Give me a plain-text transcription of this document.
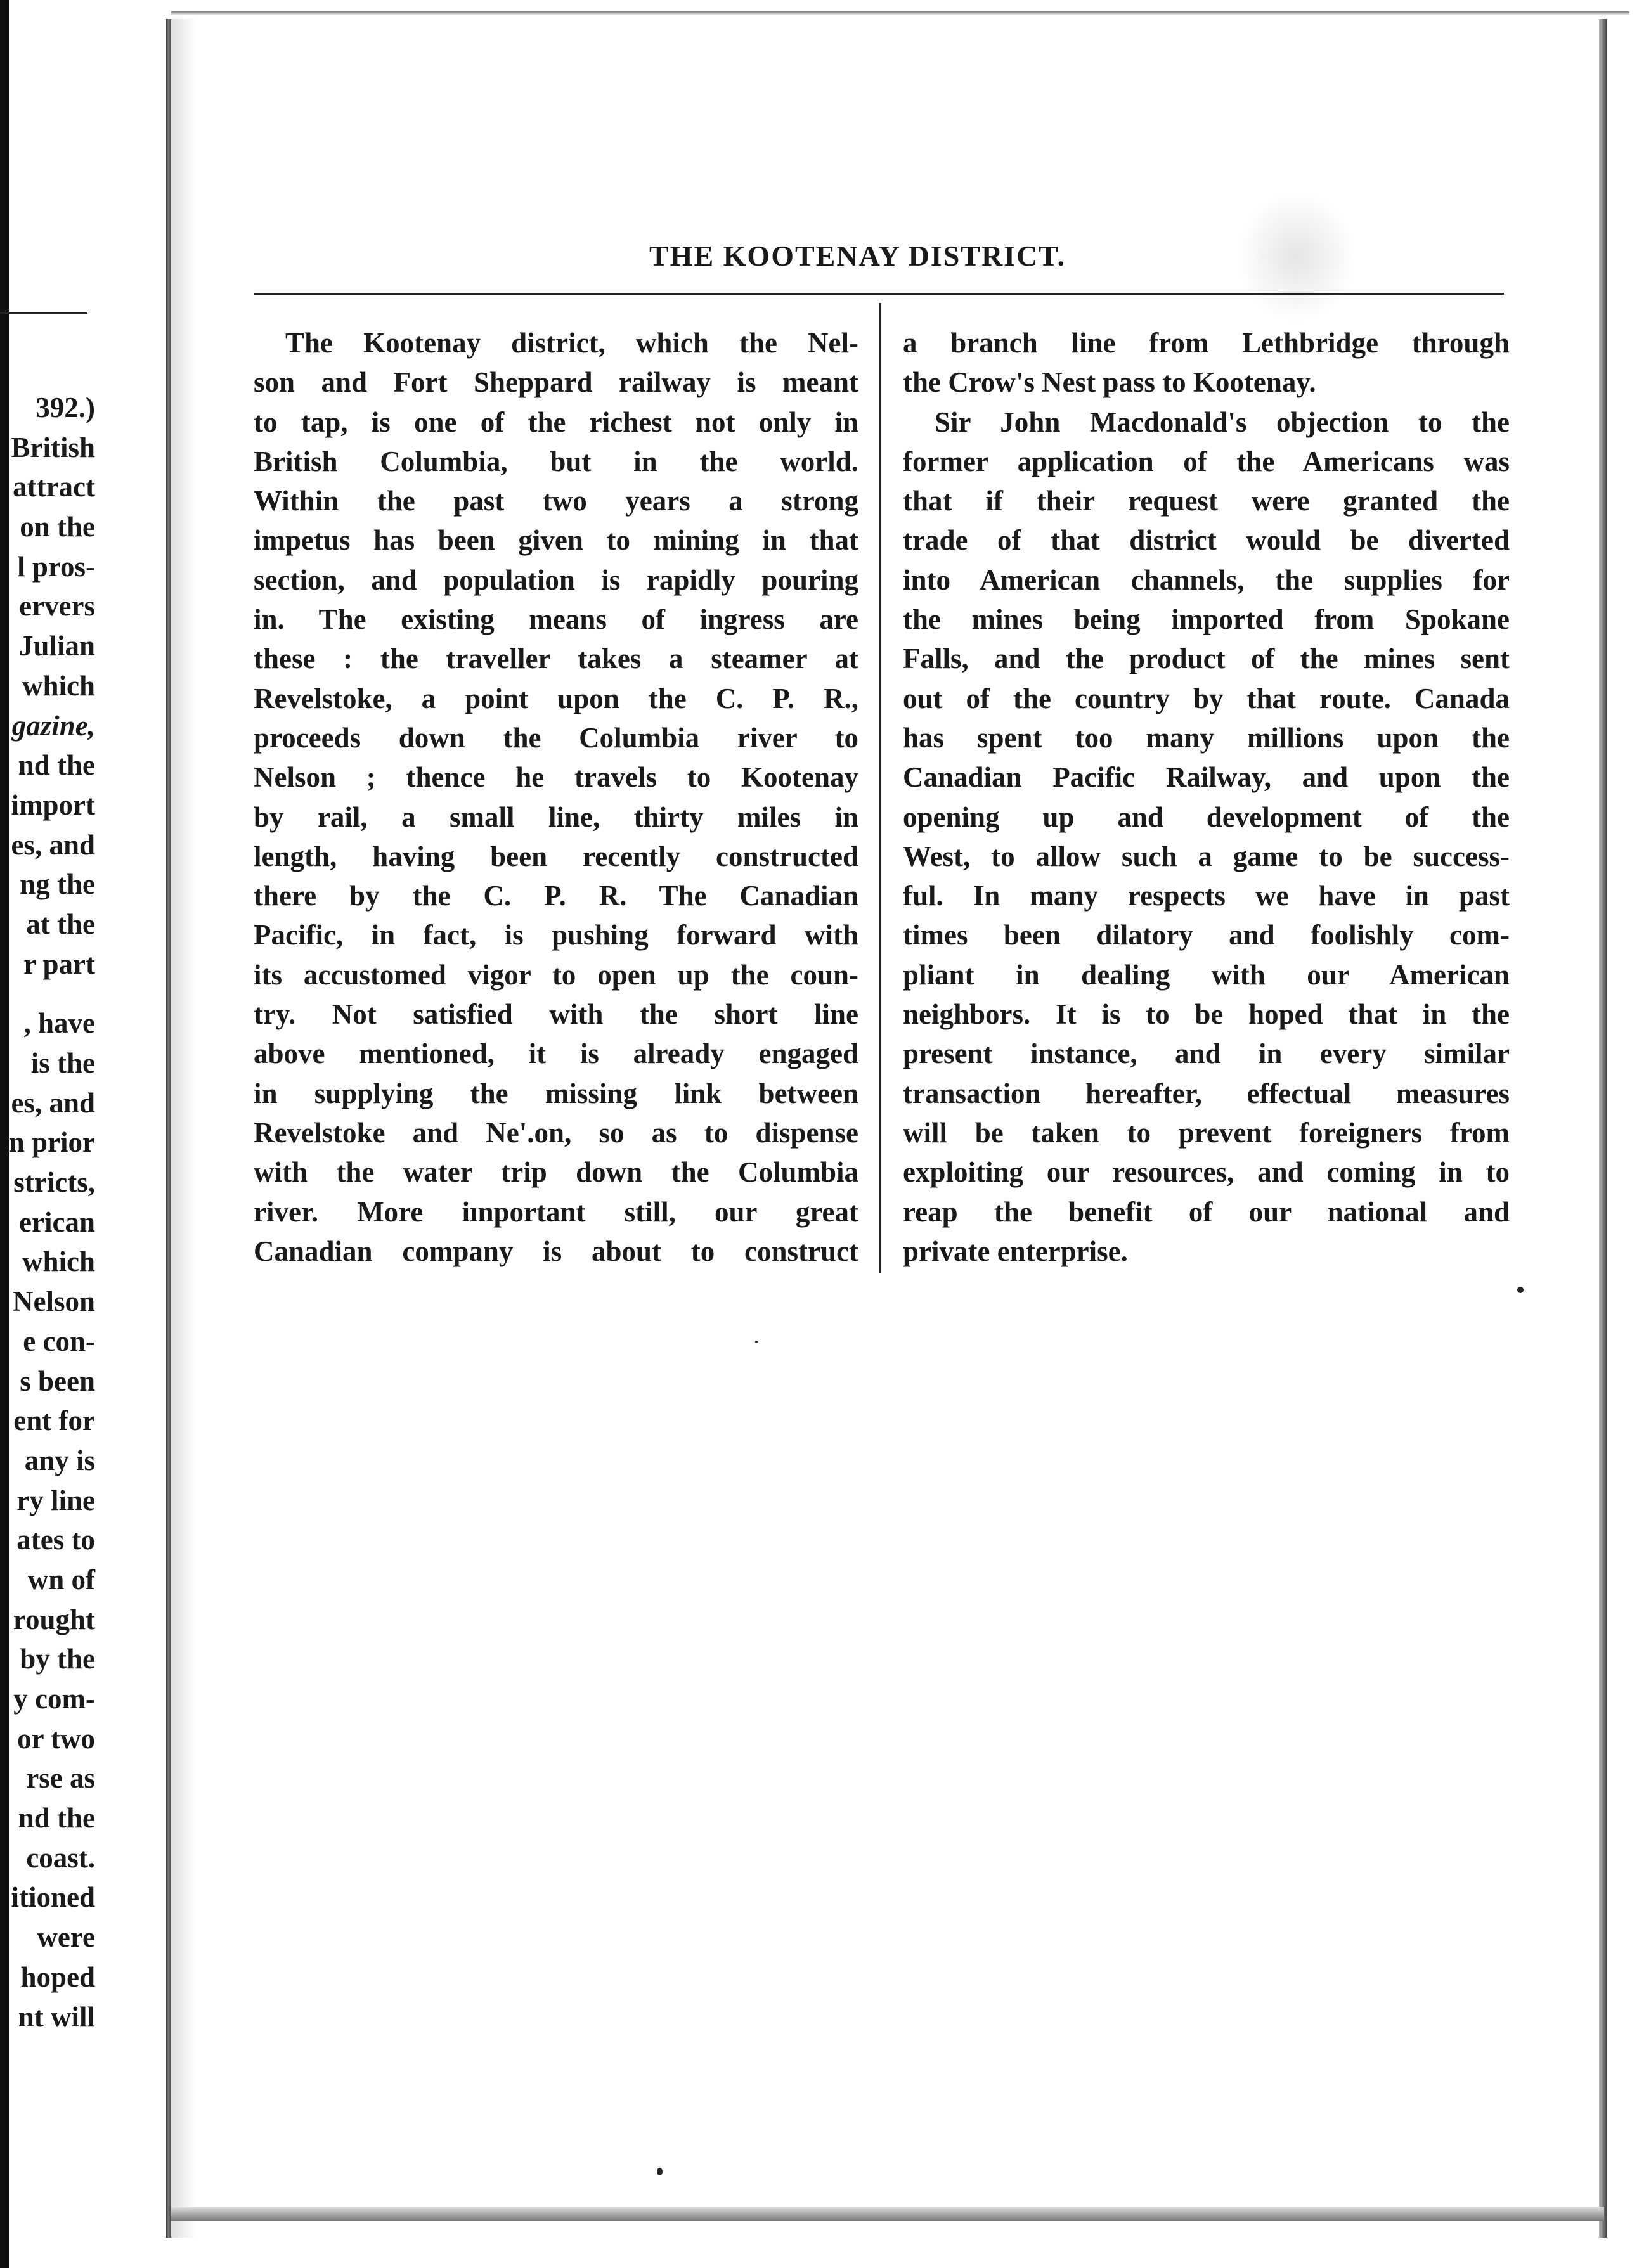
392.)
British
attract
on the
l pros-
ervers
Julian
which
gazine,
nd the
import
es, and
ng the
at the
r part
, have
is the
es, and
n prior
stricts,
erican
which
Nelson
e con-
s been
ent for
any is
ry line
ates to
wn of
rought
by the
y com-
or two
rse as
nd the
coast.
itioned
were
hoped
nt will
THE KOOTENAY DISTRICT.
The Kootenay district, which the Nel-
son and Fort Sheppard railway is meant
to tap, is one of the richest not only in
British Columbia, but in the world.
Within the past two years a strong
impetus has been given to mining in that
section, and population is rapidly pouring
in. The existing means of ingress are
these : the traveller takes a steamer at
Revelstoke, a point upon the C. P. R.,
proceeds down the Columbia river to
Nelson ; thence he travels to Kootenay
by rail, a small line, thirty miles in
length, having been recently constructed
there by the C. P. R. The Canadian
Pacific, in fact, is pushing forward with
its accustomed vigor to open up the coun-
try. Not satisfied with the short line
above mentioned, it is already engaged
in supplying the missing link between
Revelstoke and Ne'.on, so as to dispense
with the water trip down the Columbia
river. More iınportant still, our great
Canadian company is about to construct
a branch line from Lethbridge through
the Crow's Nest pass to Kootenay.
Sir John Macdonald's objection to the
former application of the Americans was
that if their request were granted the
trade of that district would be diverted
into American channels, the supplies for
the mines being imported from Spokane
Falls, and the product of the mines sent
out of the country by that route. Canada
has spent too many millions upon the
Canadian Pacific Railway, and upon the
opening up and development of the
West, to allow such a game to be success-
ful. In many respects we have in past
times been dilatory and foolishly com-
pliant in dealing with our American
neighbors. It is to be hoped that in the
present instance, and in every similar
transaction hereafter, effectual measures
will be taken to prevent foreigners from
exploiting our resources, and coming in to
reap the benefit of our national and
private enterprise.
